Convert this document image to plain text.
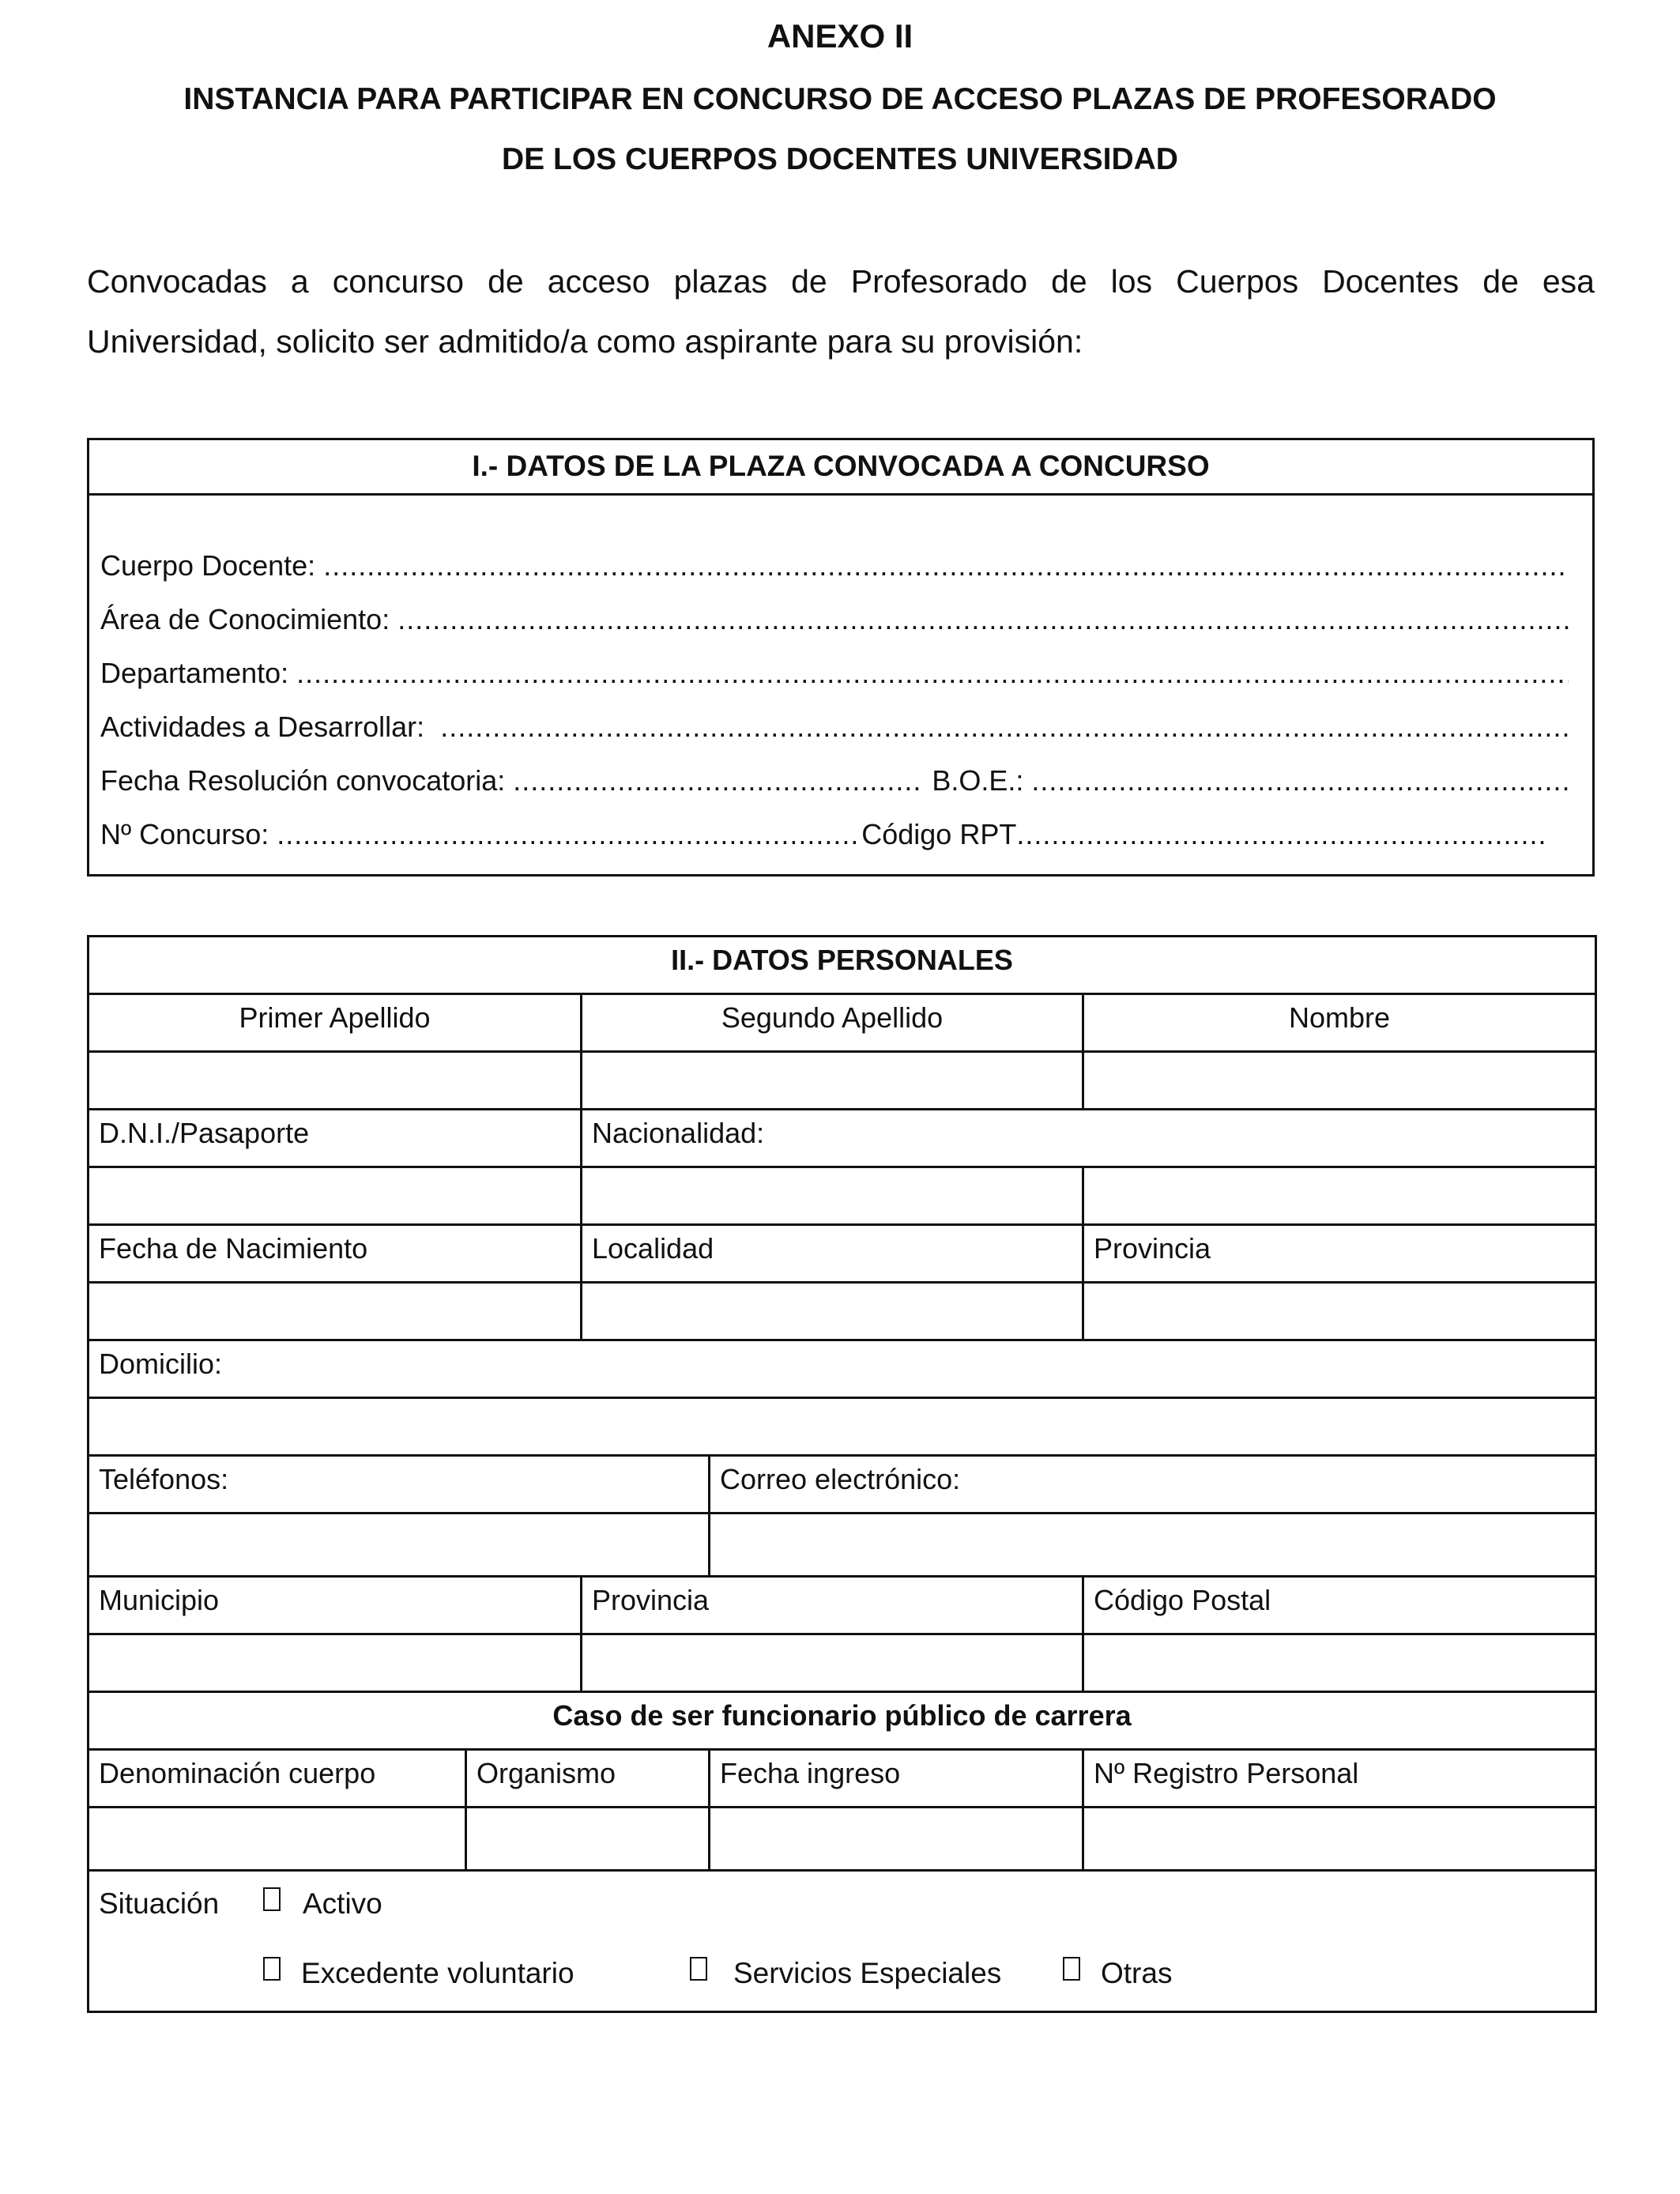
ANEXO II
INSTANCIA PARA PARTICIPAR EN CONCURSO DE ACCESO PLAZAS DE PROFESORADO
DE LOS CUERPOS DOCENTES UNIVERSIDAD
Convocadas a concurso de acceso plazas de Profesorado de los Cuerpos Docentes de esa
Universidad, solicito ser admitido/a como aspirante para su provisión:
I.- DATOS DE LA PLAZA CONVOCADA A CONCURSO
Cuerpo Docente:

.....
Área de Conocimiento:

.....
Departamento:

.....
Actividades a Desarrollar:

.....
Fecha Resolución convocatoria:
.....
	B.O.E.:

.....
Nº Concurso:
.....	Código RPT
.....
II.- DATOS PERSONALES				
Primer Apellido		Segundo Apellido		Nombre

D.N.I./Pasaporte		Nacionalidad:		

Fecha de Nacimiento		Localidad		Provincia

Domicilio:				

Teléfonos:			Correo electrónico:	

Municipio		Provincia		Código Postal

Caso de ser funcionario público de carrera				
Denominación cuerpo	Organismo		Fecha ingreso	Nº Registro Personal

Situación Activo
Excedente voluntario Servicios Especiales Otras				
